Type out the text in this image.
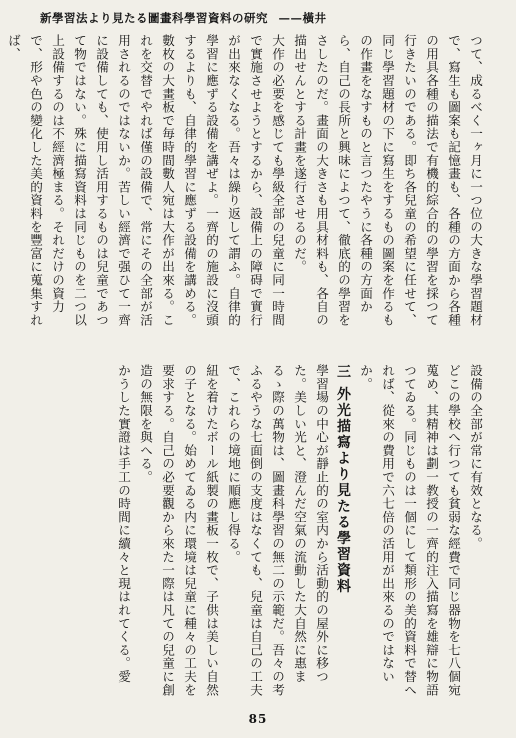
新學習法より見たる圖畫科學習資料の研究 ——橫井

つて、成るべく一ヶ月に一つ位の大きな學習題材で、寫生も圖案も記憶畫も、各種の方面から各種の用具各種の描法で有機的綜合的の學習を採つて行きたいのである。即ち各兒童の希望に任せて、同じ學習題材の下に寫生をするもの圖案を作るもの作畫をなすものと言つたやうに各種の方面から、自己の長所と興味によつて、徹底的の學習をさしたのだ。畫面の大きさも用具材料も、各自の描出せんとする計畫を遂行させるのだ。

大作の必要を感じても學級全部の兒童に同一時間で實施させようとするから、設備上の障碍で實行が出來なくなる。吾々は繰り返して謂ふ。自律的學習に應ずる設備を講ぜよ。一齊的の施設に沒頭するよりも、自律的學習に應ずる設備を講める。數枚の大畫板で毎時間數人宛は大作が出來る。これを交替でやれば僅の設備で、常にその全部が活用されるのではないか。苦しい經濟で强ひて一齊に設備しても、使用し活用するものは兒童であつて物ではない。殊に描寫資料は同じものを二つ以上設備するのは不經濟極まる。それだけの資力で、形や色の變化した美的資料を豐富に蒐集すれば、

設備の全部が常に有效となる。

どこの學校へ行つても貧弱な經費で同じ器物を七八個宛蒐め、其精神は劃一教授の一齊的注入描寫を雄辯に物語つてゐる。同じものは一個にして類形の美的資料で替へれば、從來の費用で六七倍の活用が出來るのではないか。

三 外光描寫より見たる學習資料

學習場の中心が靜止的の室内から活動的の屋外に移つた。美しい光と、澄んだ空氣の流動した大自然に惠まるゝ際の萬物は、圖畫科學習の無二の示範だ。吾々の考ふるやうな七面倒の支度はなくても、兒童は自己の工夫で、これらの境地に順應し得る。

紐を着けたボール紙製の畫板一枚で、子供は美しい自然の子となる。始めてゐる内に環境は兒童に種々の工夫を要求する。自己の必要觀から來た一際は凡ての兒童に創造の無限を與へる。

かうした實證は手工の時間に續々と現はれてくる。愛

85
